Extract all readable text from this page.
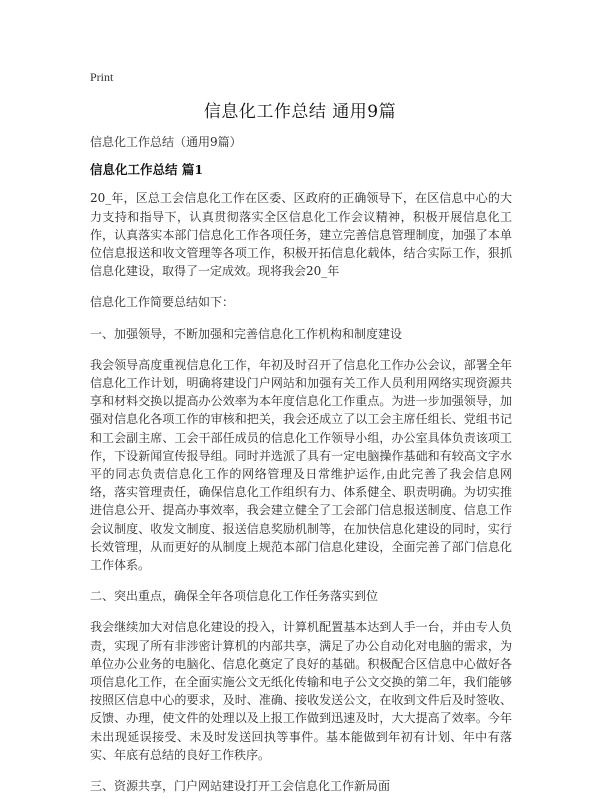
Print
信息化工作总结 通用9篇

信息化工作总结（通用9篇）

信息化工作总结 篇1

20_年，区总工会信息化工作在区委、区政府的正确领导下，在区信息中心的大力支持和指导下，认真贯彻落实全区信息化工作会议精神，积极开展信息化工作，认真落实本部门信息化工作各项任务，建立完善信息管理制度，加强了本单位信息报送和收文管理等各项工作，积极开拓信息化载体，结合实际工作，狠抓信息化建设，取得了一定成效。现将我会20_年

信息化工作简要总结如下：

一、加强领导，不断加强和完善信息化工作机构和制度建设

我会领导高度重视信息化工作，年初及时召开了信息化工作办公会议，部署全年信息化工作计划，明确将建设门户网站和加强有关工作人员利用网络实现资源共享和材料交换以提高办公效率为本年度信息化工作重点。为进一步加强领导，加强对信息化各项工作的审核和把关，我会还成立了以工会主席任组长、党组书记和工会副主席、工会干部任成员的信息化工作领导小组，办公室具体负责该项工作，下设新闻宣传报导组。同时并选派了具有一定电脑操作基础和有较高文字水平的同志负责信息化工作的网络管理及日常维护运作,由此完善了我会信息网络，落实管理责任，确保信息化工作组织有力、体系健全、职责明确。为切实推进信息公开、提高办事效率，我会建立健全了工会部门信息报送制度、信息工作会议制度、收发文制度、报送信息奖励机制等，在加快信息化建设的同时，实行长效管理，从而更好的从制度上规范本部门信息化建设，全面完善了部门信息化工作体系。

二、突出重点，确保全年各项信息化工作任务落实到位

我会继续加大对信息化建设的投入，计算机配置基本达到人手一台，并由专人负责，实现了所有非涉密计算机的内部共享，满足了办公自动化对电脑的需求，为单位办公业务的电脑化、信息化奠定了良好的基础。积极配合区信息中心做好各项信息化工作，在全面实施公文无纸化传输和电子公文交换的第二年，我们能够按照区信息中心的要求，及时、准确、接收发送公文，在收到文件后及时签收、反馈、办理，使文件的处理以及上报工作做到迅速及时，大大提高了效率。今年未出现延误接受、未及时发送回执等事件。基本能做到年初有计划、年中有落实、年底有总结的良好工作秩序。

三、资源共享，门户网站建设打开工会信息化工作新局面
